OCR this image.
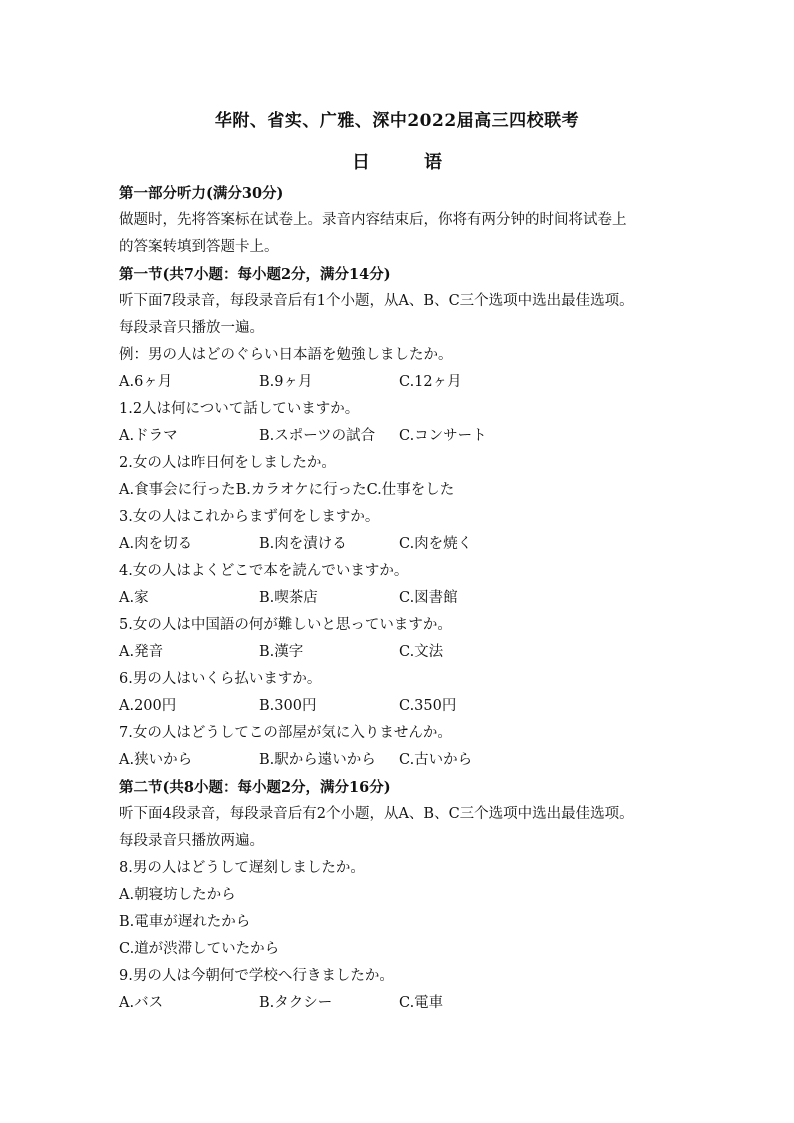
华附、省实、广雅、深中2022届高三四校联考
日　语
第一部分听力(满分30分)
做题时，先将答案标在试卷上。录音内容结束后，你将有两分钟的时间将试卷上
的答案转填到答题卡上。
第一节(共7小题：每小题2分，满分14分)
听下面7段录音，每段录音后有1个小题，从A、B、C三个选项中选出最佳选项。
每段录音只播放一遍。
例：男の人はどのぐらい日本語を勉強しましたか。
A.6ヶ月	B.9ヶ月	C.12ヶ月
1.2人は何について話していますか。
A.ドラマ	B.スポーツの試合	C.コンサート
2.女の人は昨日何をしましたか。
A.食事会に行った B.カラオケに行った C.仕事をした
3.女の人はこれからまず何をしますか。
A.肉を切る	B.肉を漬ける	C.肉を焼く
4.女の人はよくどこで本を読んでいますか。
A.家	B.喫茶店	C.図書館
5.女の人は中国語の何が難しいと思っていますか。
A.発音	B.漢字	C.文法
6.男の人はいくら払いますか。
A.200円	B.300円	C.350円
7.女の人はどうしてこの部屋が気に入りませんか。
A.狭いから	B.駅から遠いから	C.古いから
第二节(共8小题：每小题2分，满分16分)
听下面4段录音，每段录音后有2个小题，从A、B、C三个选项中选出最佳选项。
每段录音只播放两遍。
8.男の人はどうして遅刻しましたか。
A.朝寝坊したから
B.電車が遅れたから
C.道が渋滞していたから
9.男の人は今朝何で学校へ行きましたか。
A.バス	B.タクシー	C.電車
